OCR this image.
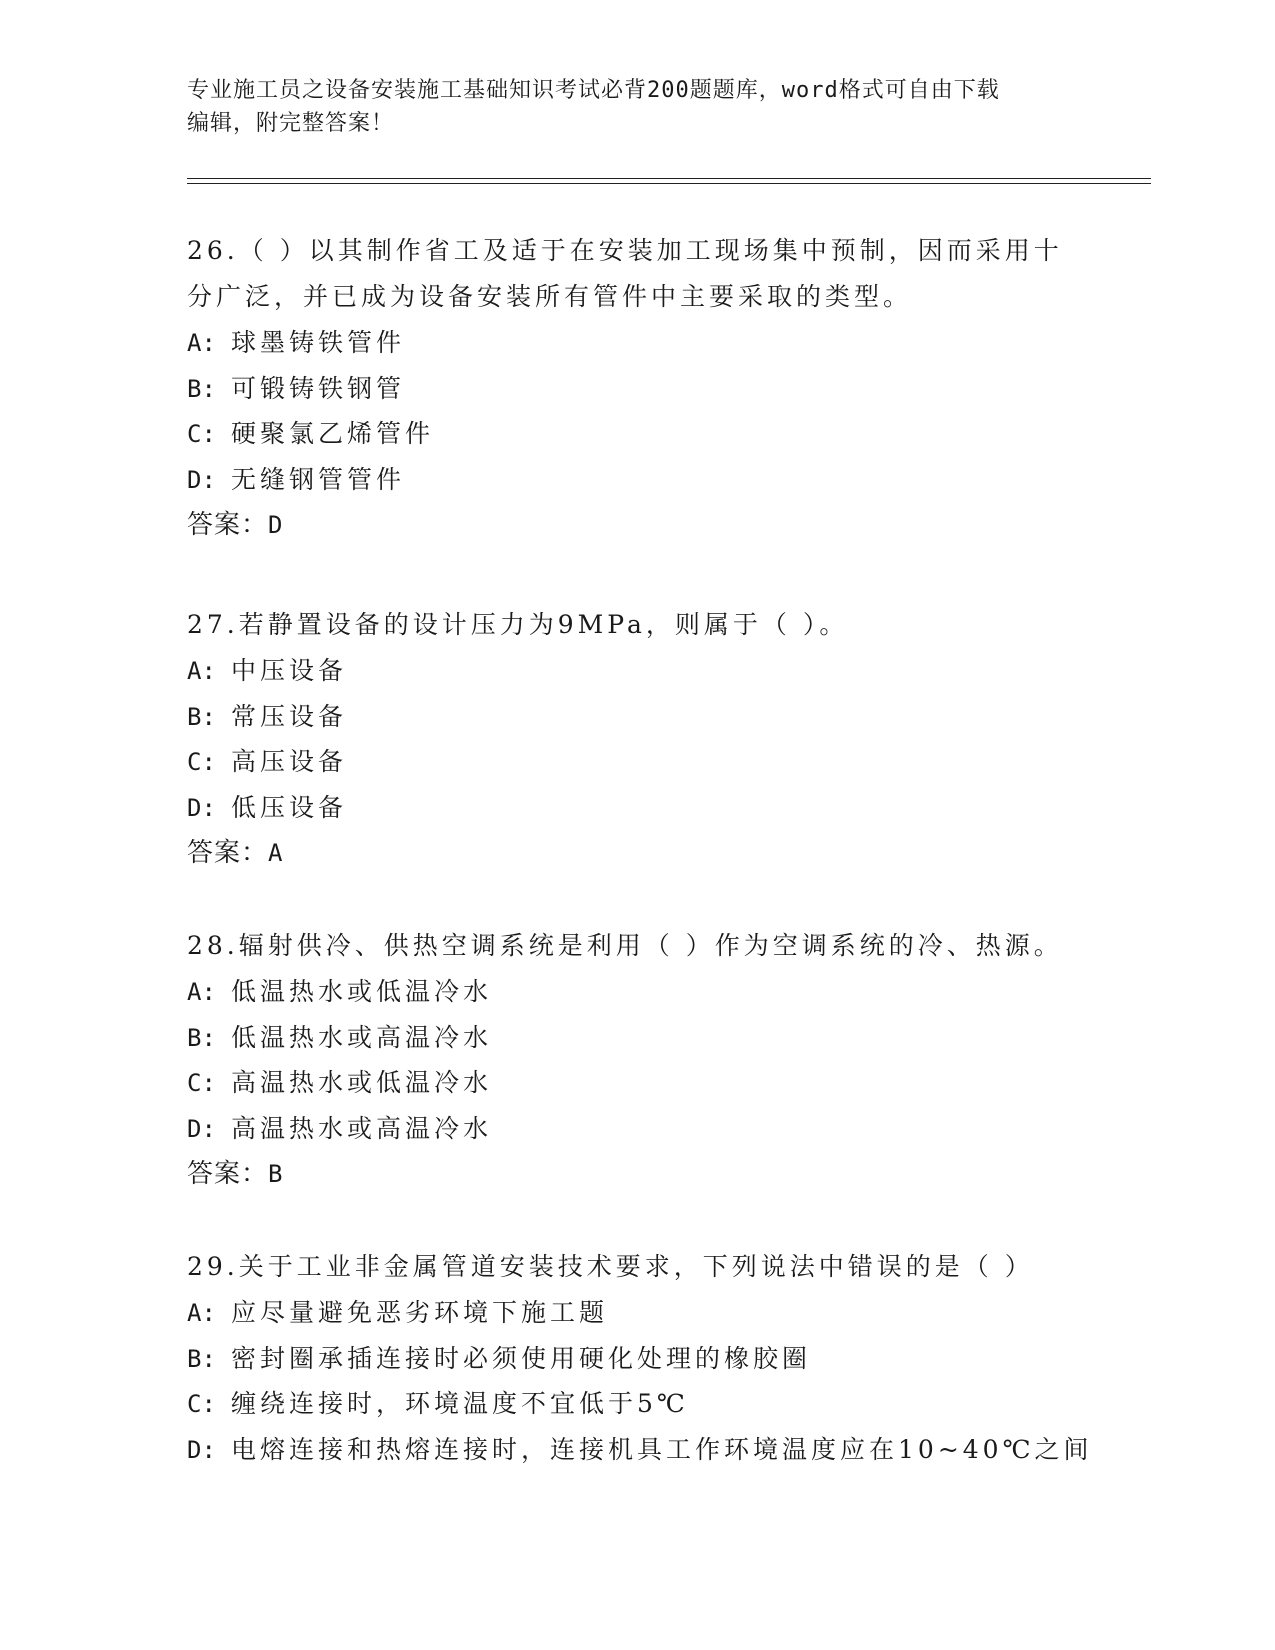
专业施工员之设备安装施工基础知识考试必背200题题库，word格式可自由下载
编辑，附完整答案！
26.（ ）以其制作省工及适于在安装加工现场集中预制，因而采用十
分广泛，并已成为设备安装所有管件中主要采取的类型。
A: 球墨铸铁管件
B: 可锻铸铁钢管
C: 硬聚氯乙烯管件
D: 无缝钢管管件
答案：D
27.若静置设备的设计压力为9MPa，则属于（ ）。
A: 中压设备
B: 常压设备
C: 高压设备
D: 低压设备
答案：A
28.辐射供冷、供热空调系统是利用（ ）作为空调系统的冷、热源。
A: 低温热水或低温冷水
B: 低温热水或高温冷水
C: 高温热水或低温冷水
D: 高温热水或高温冷水
答案：B
29.关于工业非金属管道安装技术要求，下列说法中错误的是（ ）
A: 应尽量避免恶劣环境下施工题
B: 密封圈承插连接时必须使用硬化处理的橡胶圈
C: 缠绕连接时，环境温度不宜低于5℃
D: 电熔连接和热熔连接时，连接机具工作环境温度应在10~40℃之间
